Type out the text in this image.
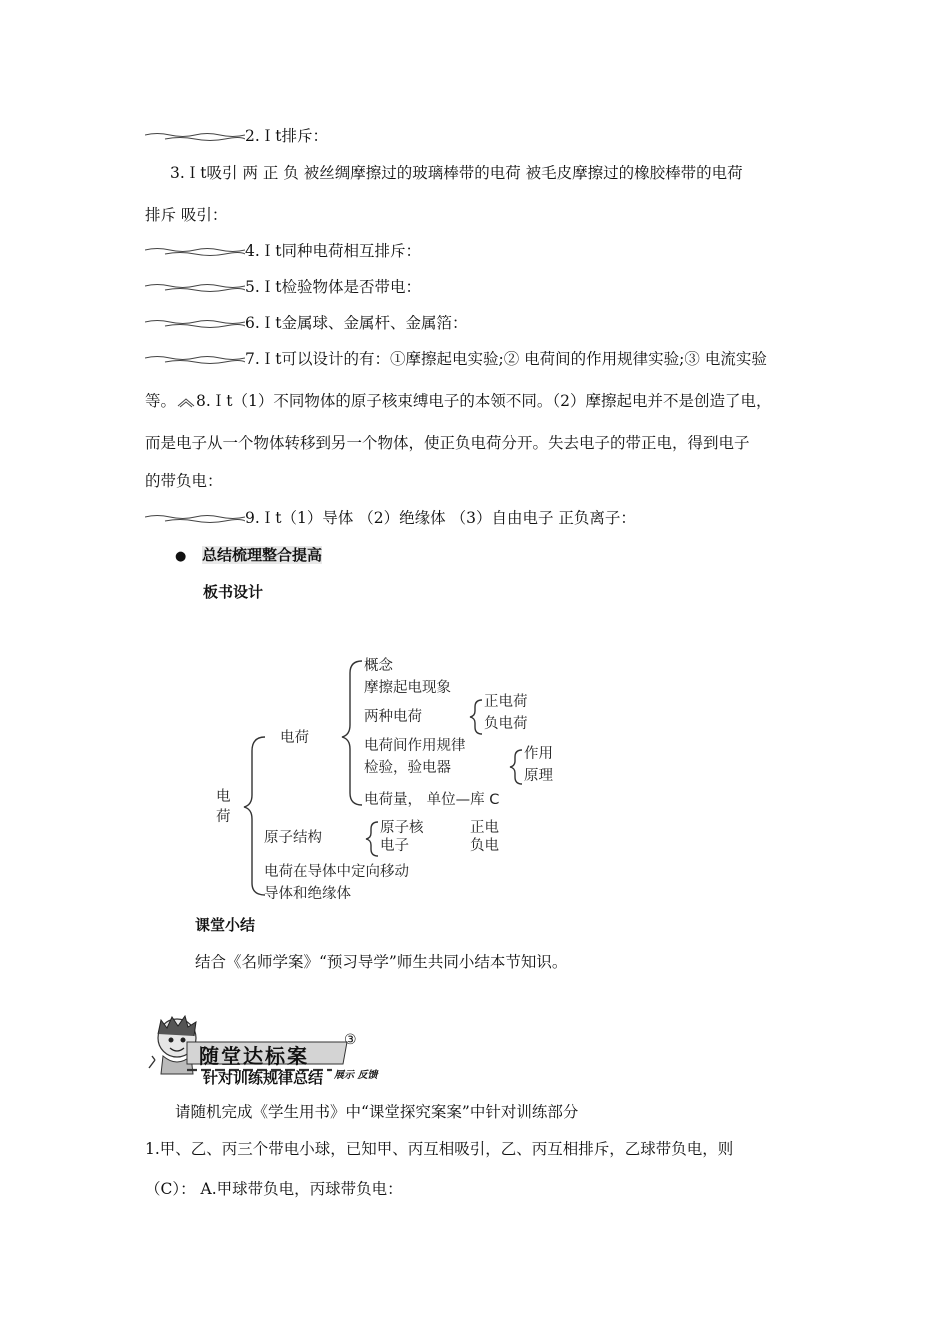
2.Ｉt排斥：
3.Ｉt吸引 两 正 负 被丝绸摩擦过的玻璃棒带的电荷 被毛皮摩擦过的橡胶棒带的电荷
排斥 吸引：
4.Ｉt同种电荷相互排斥：
5.Ｉt检验物体是否带电：
6.Ｉt金属球、金属杆、金属箔：
7.Ｉt可以设计的有：①摩擦起电实验;② 电荷间的作用规律实验;③ 电流实验
等。 8.Ｉt（1）不同物体的原子核束缚电子的本领不同。（2）摩擦起电并不是创造了电，
而是电子从一个物体转移到另一个物体，使正负电荷分开。失去电子的带正电，得到电子
的带负电：
9.Ｉt（1）导体 （2）绝缘体 （3）自由电子 正负离子：
● 总结梳理整合提高
板书设计
电荷
电荷
概念
摩擦起电现象
两种电荷
正电荷
负电荷
电荷间作用规律
检验，验电器
作用
原理
电荷量， 单位—库 C
原子结构
原子核	正电
电子	负电
电荷在导体中定向移动
导体和绝缘体
课堂小结
结合《名师学案》“预习导学”师生共同小结本节知识。
随堂达标案
③
展示 反馈
针对训练规律总结
请随机完成《学生用书》中“课堂探究案案”中针对训练部分
1.甲、乙、丙三个带电小球，已知甲、丙互相吸引，乙、丙互相排斥，乙球带负电，则
（C）： A.甲球带负电，丙球带负电：
